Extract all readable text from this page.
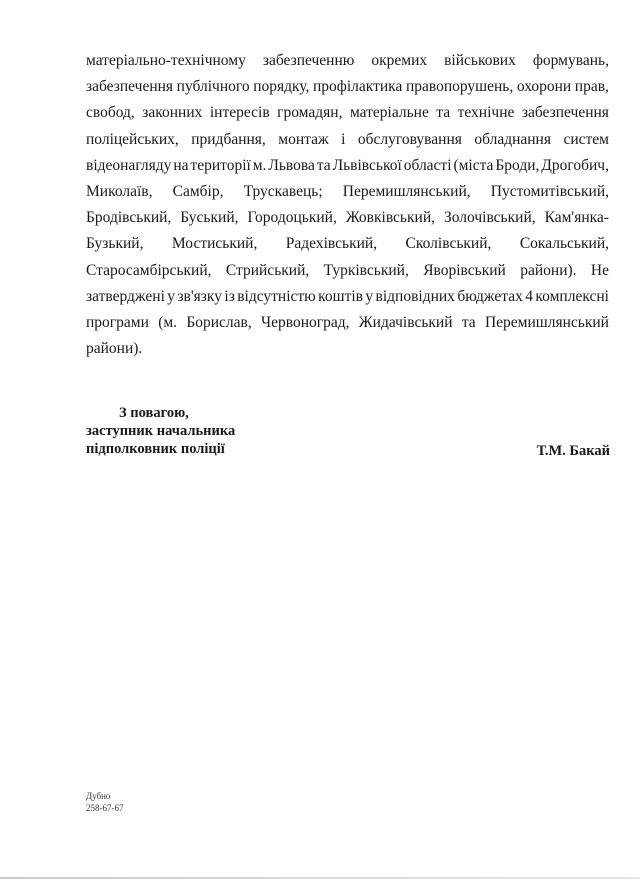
матеріально-технічному забезпеченню окремих військових формувань,
забезпечення публічного порядку, профілактика правопорушень, охорони прав,
свобод, законних інтересів громадян, матеріальне та технічне забезпечення
поліцейських, придбання, монтаж і обслуговування обладнання систем
відеонагляду на території м. Львова та Львівської області (міста Броди, Дрогобич,
Миколаїв, Самбір, Трускавець; Перемишлянський, Пустомитівський,
Бродівський, Буський, Городоцький, Жовківський, Золочівський, Кам'янка-
Бузький, Мостиський, Радехівський, Сколівський, Сокальський,
Старосамбірський, Стрийський, Турківський, Яворівський райони). Не
затверджені у зв'язку із відсутністю коштів у відповідних бюджетах 4 комплексні
програми (м. Борислав, Червоноград, Жидачівський та Перемишлянський
райони).
З повагою,
заступник начальника
підполковник поліції	Т.М. Бакай
Дубно
258-67-67
